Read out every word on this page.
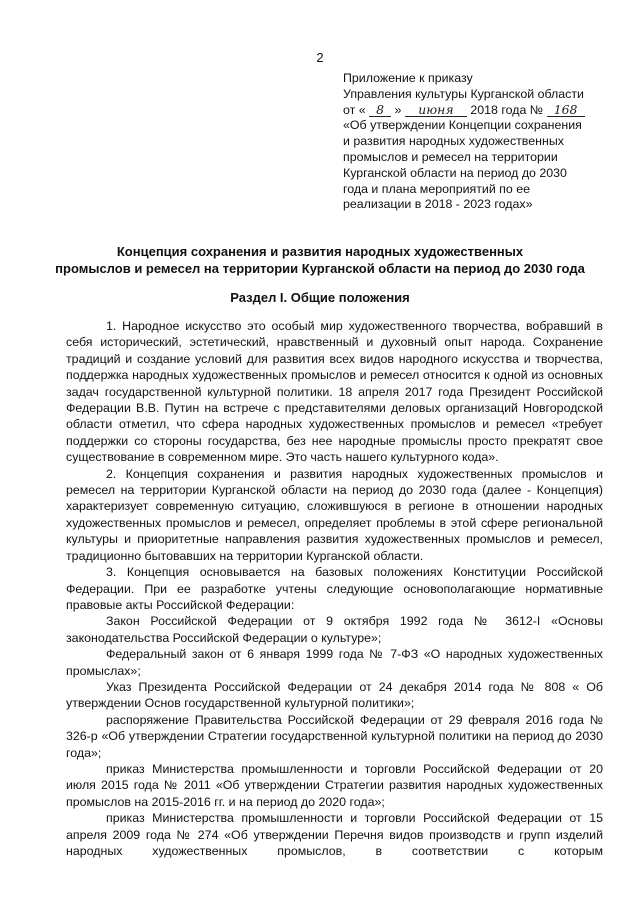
2
Приложение к приказу
Управления культуры Курганской области
от « 8 » июня 2018 года № 168
«Об утверждении Концепции сохранения
и развития народных художественных
промыслов и ремесел на территории
Курганской области на период до 2030
года и плана мероприятий по ее
реализации в 2018 - 2023 годах»
Концепция сохранения и развития народных художественных
промыслов и ремесел на территории Курганской области на период до 2030 года
Раздел I. Общие положения

1. Народное искусство это особый мир художественного творчества, вобравший в себя исторический, эстетический, нравственный и духовный опыт народа. Сохранение традиций и создание условий для развития всех видов народного искусства и творчества, поддержка народных художественных промыслов и ремесел относится к одной из основных задач государственной культурной политики. 18 апреля 2017 года Президент Российской Федерации В.В. Путин на встрече с представителями деловых организаций Новгородской области отметил, что сфера народных художественных промыслов и ремесел «требует поддержки со стороны государства, без нее народные промыслы просто прекратят свое существование в современном мире. Это часть нашего культурного кода».

2. Концепция сохранения и развития народных художественных промыслов и ремесел на территории Курганской области на период до 2030 года (далее - Концепция) характеризует современную ситуацию, сложившуюся в регионе в отношении народных художественных промыслов и ремесел, определяет проблемы в этой сфере региональной культуры и приоритетные направления развития художественных промыслов и ремесел, традиционно бытовавших на территории Курганской области.

3. Концепция основывается на базовых положениях Конституции Российской Федерации. При ее разработке учтены следующие основополагающие нормативные правовые акты Российской Федерации:

Закон Российской Федерации от 9 октября 1992 года № 3612-I «Основы законодательства Российской Федерации о культуре»;

Федеральный закон от 6 января 1999 года № 7-ФЗ «О народных художественных промыслах»;

Указ Президента Российской Федерации от 24 декабря 2014 года № 808 « Об утверждении Основ государственной культурной политики»;

распоряжение Правительства Российской Федерации от 29 февраля 2016 года № 326-р «Об утверждении Стратегии государственной культурной политики на период до 2030 года»;

приказ Министерства промышленности и торговли Российской Федерации от 20 июля 2015 года № 2011 «Об утверждении Стратегии развития народных художественных промыслов на 2015-2016 гг. и на период до 2020 года»;

приказ Министерства промышленности и торговли Российской Федерации от 15 апреля 2009 года № 274 «Об утверждении Перечня видов производств и групп изделий народных художественных промыслов, в соответствии с которым
